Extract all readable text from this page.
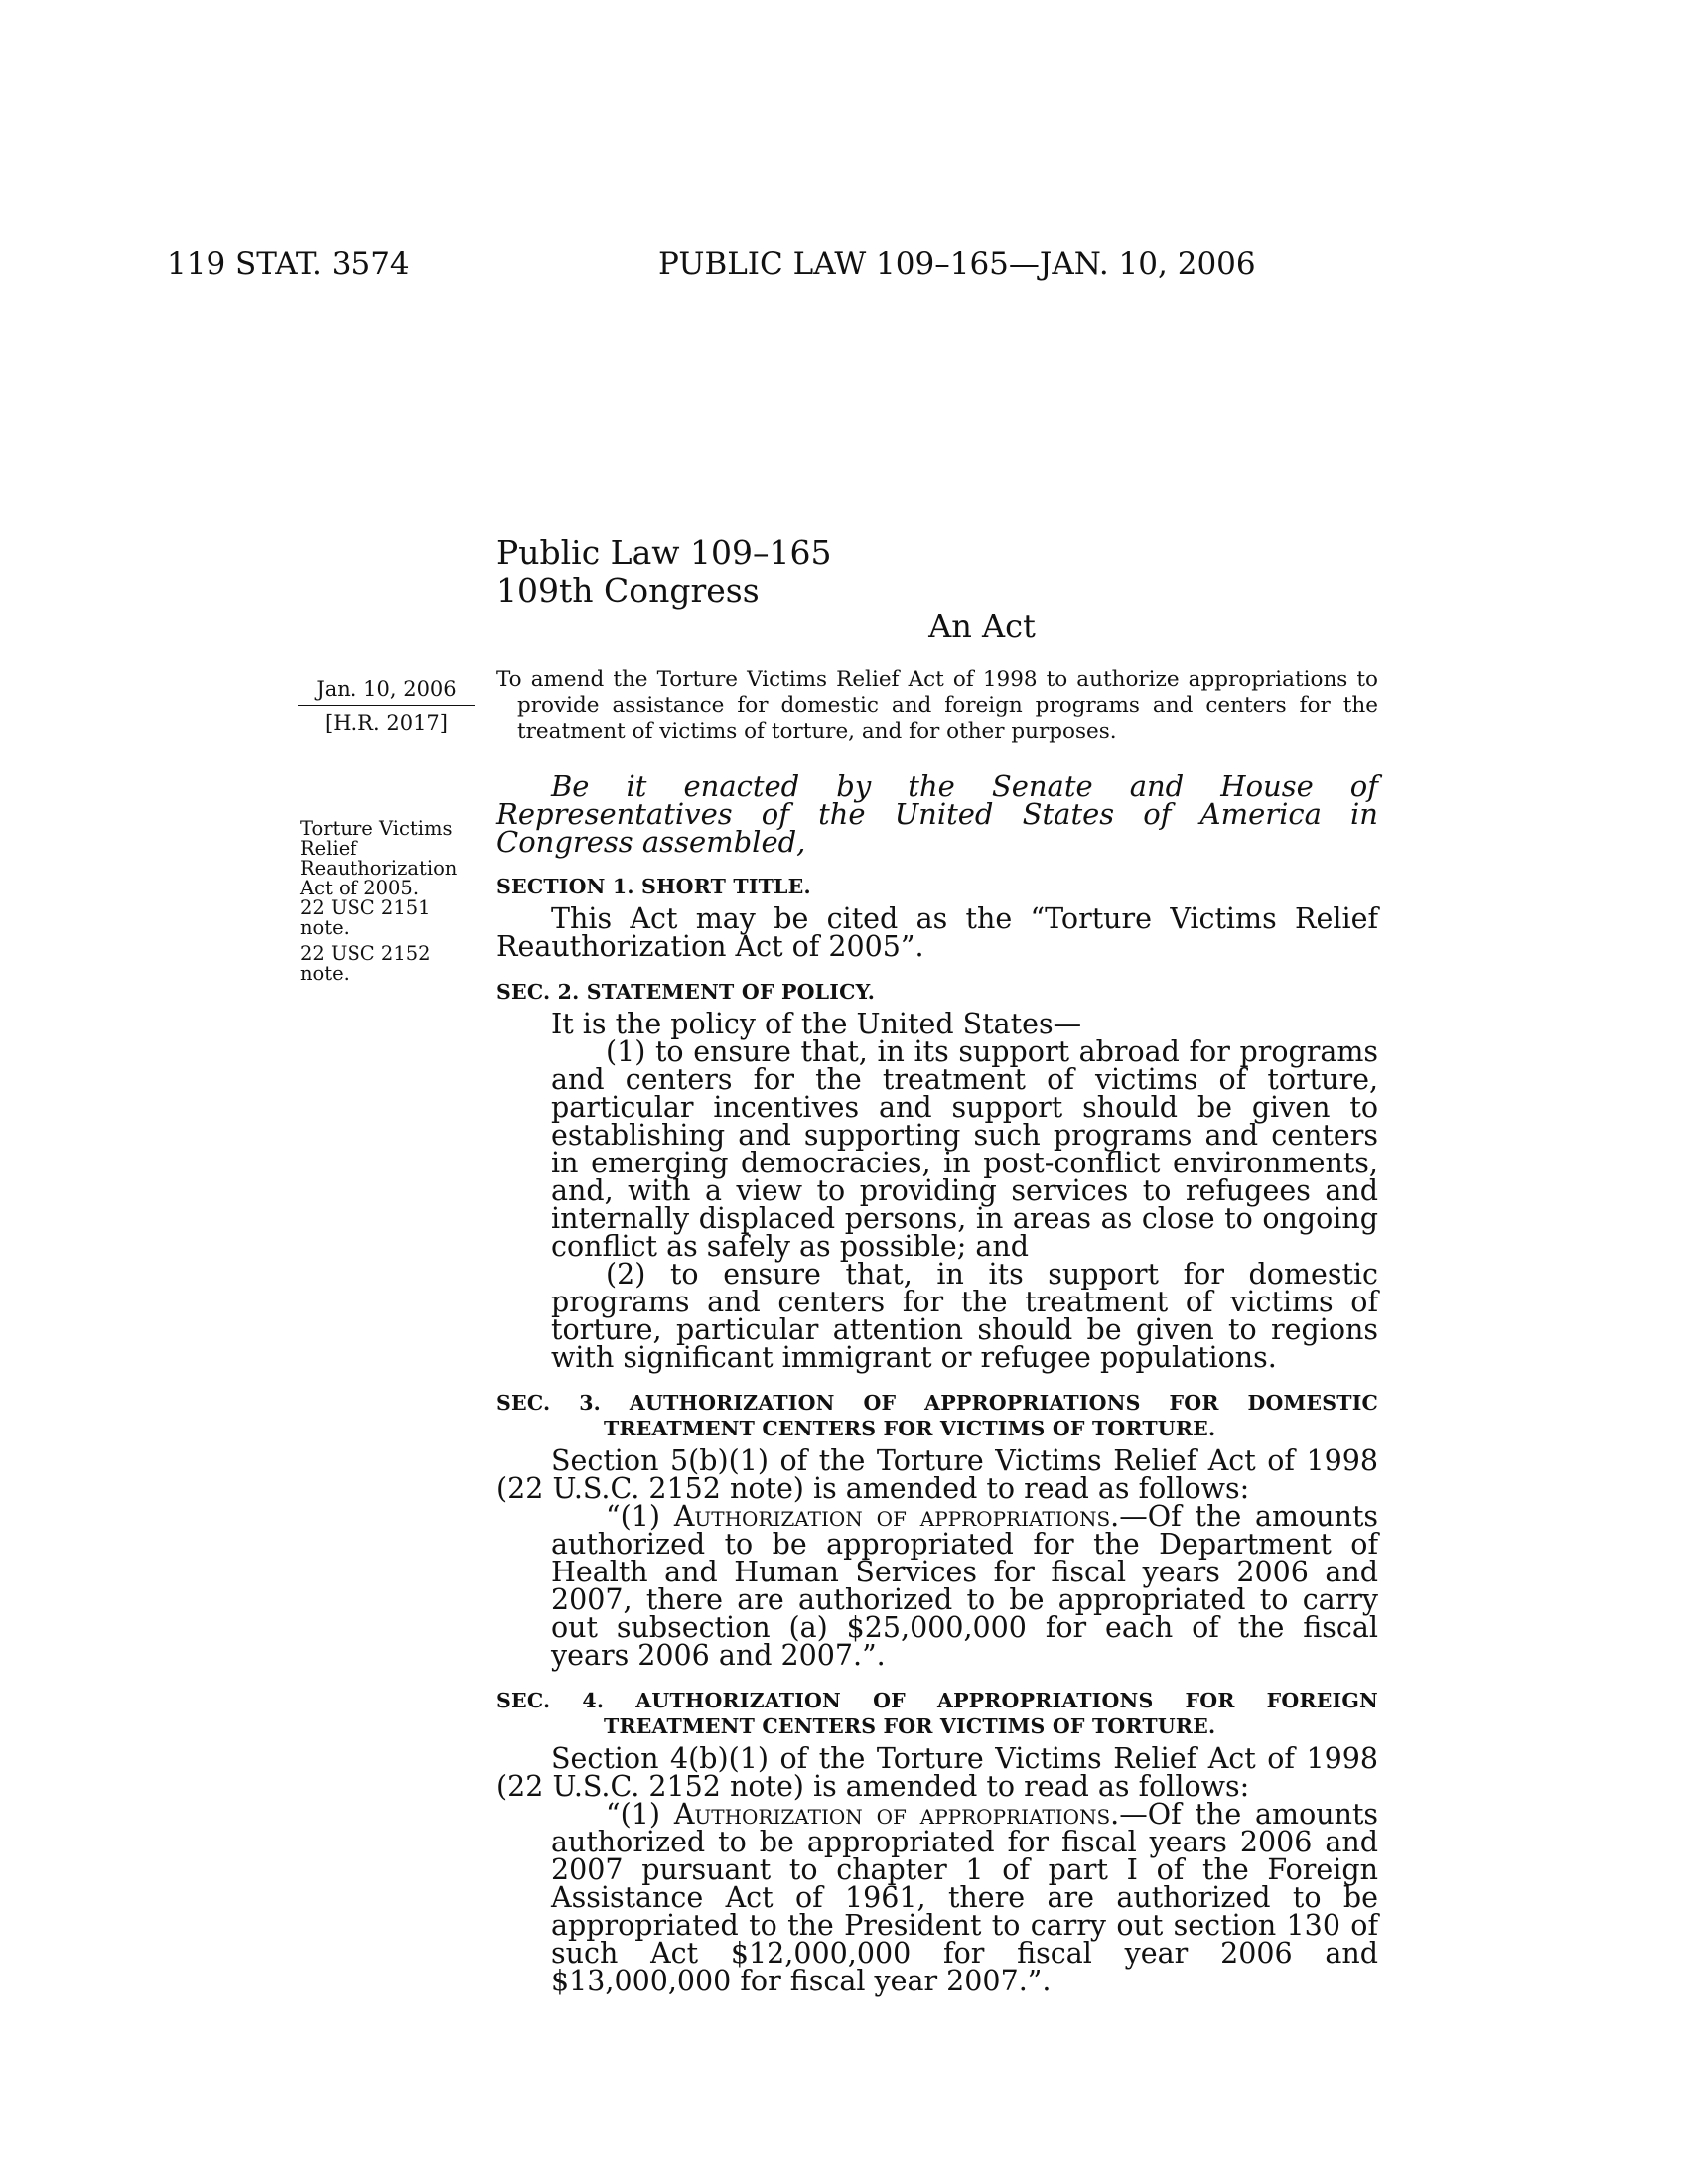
119 STAT. 3574	PUBLIC LAW 109–165—JAN. 10, 2006
Public Law 109–165
109th Congress
An Act
Jan. 10, 2006
[H.R. 2017]
Torture Victims
Relief
Reauthorization
Act of 2005.
22 USC 2151
note.
22 USC 2152
note.

To amend the Torture Victims Relief Act of 1998 to authorize appropriations to provide assistance for domestic and foreign programs and centers for the treatment of victims of torture, and for other purposes.

Be it enacted by the Senate and House of Representatives of the United States of America in Congress assembled,

SECTION 1. SHORT TITLE.

This Act may be cited as the “Torture Victims Relief Reauthorization Act of 2005”.

SEC. 2. STATEMENT OF POLICY.

It is the policy of the United States—

(1) to ensure that, in its support abroad for programs and centers for the treatment of victims of torture, particular incentives and support should be given to establishing and supporting such programs and centers in emerging democracies, in post-conflict environments, and, with a view to providing services to refugees and internally displaced persons, in areas as close to ongoing conflict as safely as possible; and

(2) to ensure that, in its support for domestic programs and centers for the treatment of victims of torture, particular attention should be given to regions with significant immigrant or refugee populations.

SEC. 3. AUTHORIZATION OF APPROPRIATIONS FOR DOMESTIC TREATMENT CENTERS FOR VICTIMS OF TORTURE.

Section 5(b)(1) of the Torture Victims Relief Act of 1998 (22 U.S.C. 2152 note) is amended to read as follows:

“(1) Authorization of appropriations.—Of the amounts authorized to be appropriated for the Department of Health and Human Services for fiscal years 2006 and 2007, there are authorized to be appropriated to carry out subsection (a) $25,000,000 for each of the fiscal years 2006 and 2007.”.

SEC. 4. AUTHORIZATION OF APPROPRIATIONS FOR FOREIGN TREATMENT CENTERS FOR VICTIMS OF TORTURE.

Section 4(b)(1) of the Torture Victims Relief Act of 1998 (22 U.S.C. 2152 note) is amended to read as follows:

“(1) Authorization of appropriations.—Of the amounts authorized to be appropriated for fiscal years 2006 and 2007 pursuant to chapter 1 of part I of the Foreign Assistance Act of 1961, there are authorized to be appropriated to the President to carry out section 130 of such Act $12,000,000 for fiscal year 2006 and $13,000,000 for fiscal year 2007.”.
